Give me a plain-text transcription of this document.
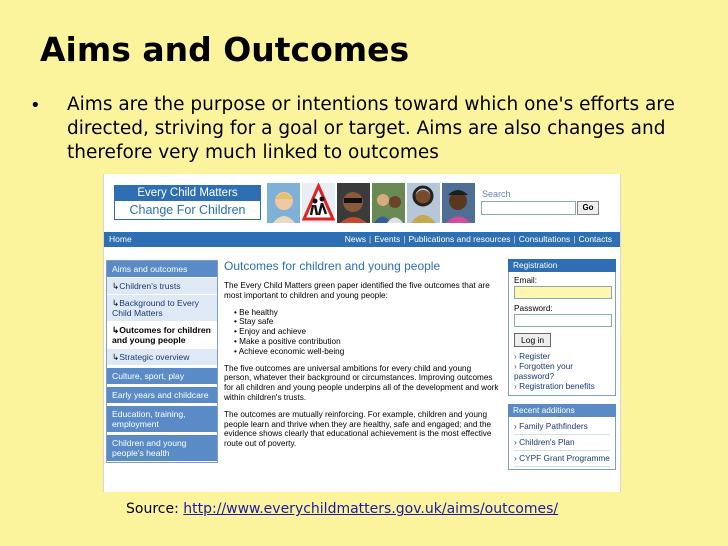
Aims and Outcomes
• Aims are the purpose or intentions toward which one's efforts are directed, striving for a goal or target. Aims are also changes and therefore very much linked to outcomes
Every Child Matters
Change For Children
Search
Go
Home	News | Events | Publications and resources | Consultations | Contacts
Aims and outcomes
↳Children's trusts
↳Background to Every Child Matters
↳Outcomes for children and young people
↳Strategic overview
Culture, sport, play
Early years and childcare
Education, training, employment
Children and young people's health
Outcomes for children and young people

The Every Child Matters green paper identified the five outcomes that are most important to children and young people:

• Be healthy
• Stay safe
• Enjoy and achieve
• Make a positive contribution
• Achieve economic well-being

The five outcomes are universal ambitions for every child and young person, whatever their background or circumstances. Improving outcomes for all children and young people underpins all of the development and work within children's trusts.

The outcomes are mutually reinforcing. For example, children and young people learn and thrive when they are healthy, safe and engaged; and the evidence shows clearly that educational achievement is the most effective route out of poverty.

Registration
Email:
Password:
Log in
› Register
› Forgotten your password?
› Registration benefits
Recent additions
› Family Pathfinders
› Children's Plan
› CYPF Grant Programme
Source: http://www.everychildmatters.gov.uk/aims/outcomes/
